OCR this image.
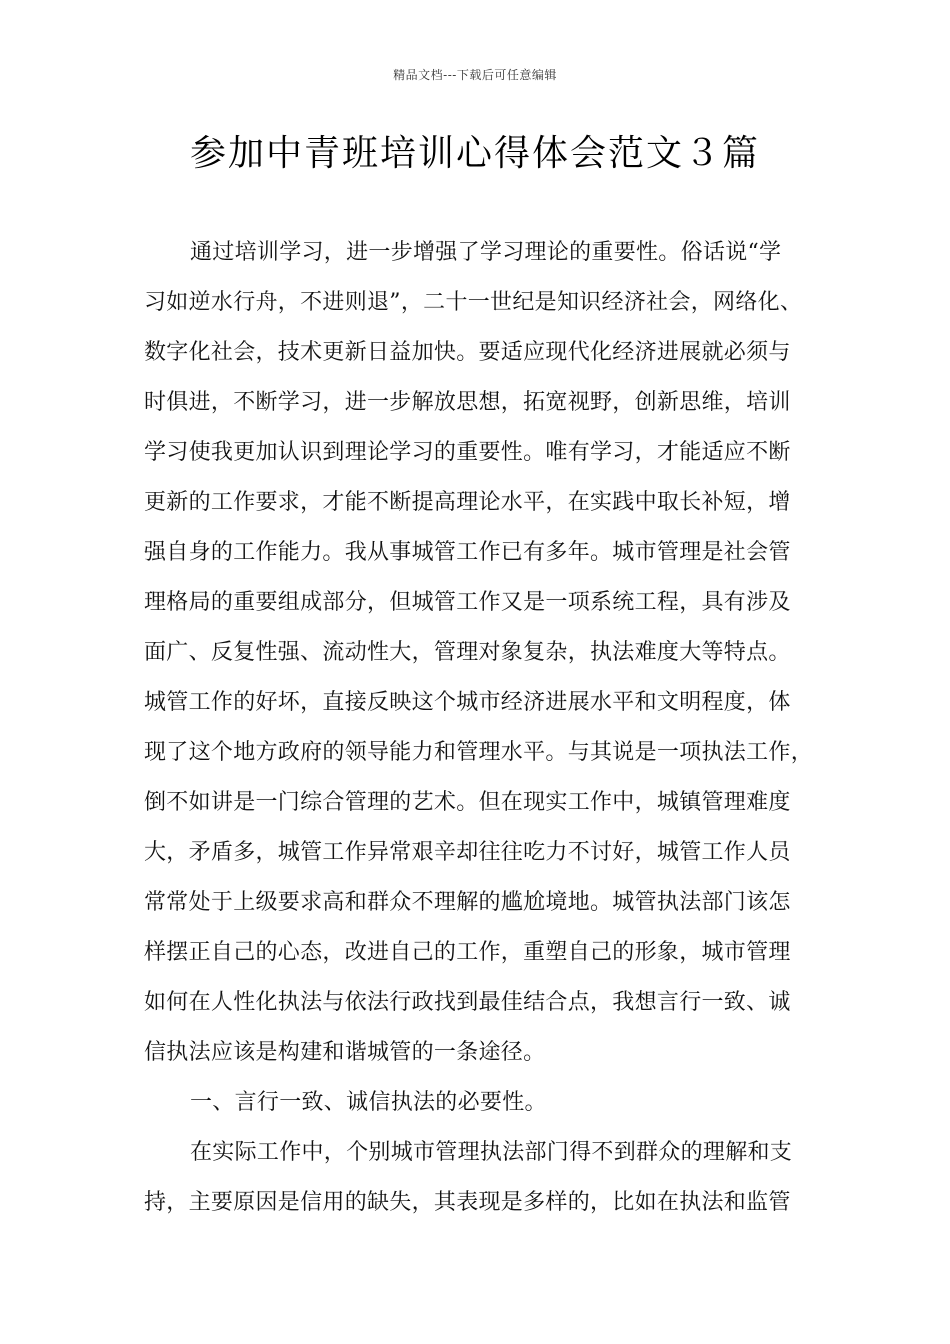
精品文档---下载后可任意编辑
参加中青班培训心得体会范文３篇
通过培训学习，进一步增强了学习理论的重要性。俗话说“学
习如逆水行舟，不进则退”，二十一世纪是知识经济社会，网络化、
数字化社会，技术更新日益加快。要适应现代化经济进展就必须与
时俱进，不断学习，进一步解放思想，拓宽视野，创新思维，培训
学习使我更加认识到理论学习的重要性。唯有学习，才能适应不断
更新的工作要求，才能不断提高理论水平，在实践中取长补短，增
强自身的工作能力。我从事城管工作已有多年。城市管理是社会管
理格局的重要组成部分，但城管工作又是一项系统工程，具有涉及
面广、反复性强、流动性大，管理对象复杂，执法难度大等特点。
城管工作的好坏，直接反映这个城市经济进展水平和文明程度，体
现了这个地方政府的领导能力和管理水平。与其说是一项执法工作，
倒不如讲是一门综合管理的艺术。但在现实工作中，城镇管理难度
大，矛盾多，城管工作异常艰辛却往往吃力不讨好，城管工作人员
常常处于上级要求高和群众不理解的尴尬境地。城管执法部门该怎
样摆正自己的心态，改进自己的工作，重塑自己的形象，城市管理
如何在人性化执法与依法行政找到最佳结合点，我想言行一致、诚
信执法应该是构建和谐城管的一条途径。
一、言行一致、诚信执法的必要性。
在实际工作中，个别城市管理执法部门得不到群众的理解和支
持，主要原因是信用的缺失，其表现是多样的，比如在执法和监管
